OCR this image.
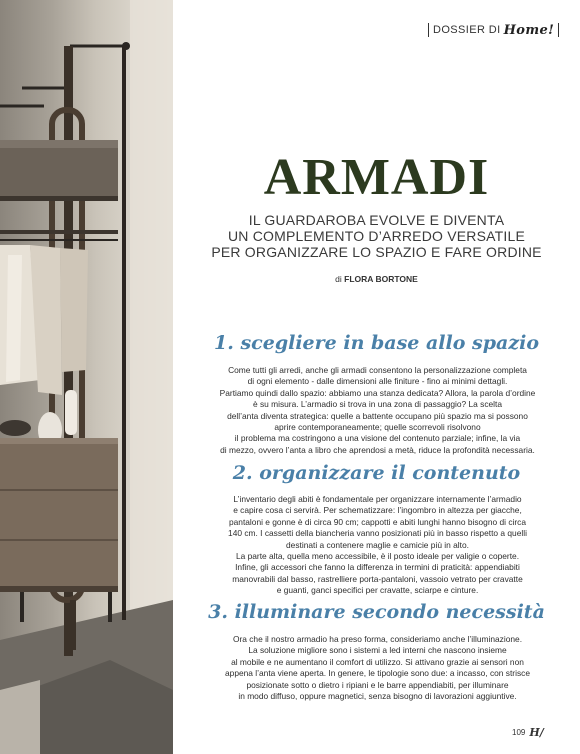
DOSSIER DI Home!
ARMADI
IL GUARDAROBA EVOLVE E DIVENTA
UN COMPLEMENTO D’ARREDO VERSATILE
PER ORGANIZZARE LO SPAZIO E FARE ORDINE
di FLORA BORTONE
1. scegliere in base allo spazio
Come tutti gli arredi, anche gli armadi consentono la personalizzazione completa
di ogni elemento - dalle dimensioni alle finiture - fino ai minimi dettagli.
Partiamo quindi dallo spazio: abbiamo una stanza dedicata? Allora, la parola d’ordine
è su misura. L’armadio si trova in una zona di passaggio? La scelta
dell’anta diventa strategica: quelle a battente occupano più spazio ma si possono
aprire contemporaneamente; quelle scorrevoli risolvono
il problema ma costringono a una visione del contenuto parziale; infine, la via
di mezzo, ovvero l’anta a libro che aprendosi a metà, riduce la profondità necessaria.
2. organizzare il contenuto
L’inventario degli abiti è fondamentale per organizzare internamente l’armadio
e capire cosa ci servirà. Per schematizzare: l’ingombro in altezza per giacche,
pantaloni e gonne è di circa 90 cm; cappotti e abiti lunghi hanno bisogno di circa
140 cm. I cassetti della biancheria vanno posizionati più in basso rispetto a quelli
destinati a contenere maglie e camicie più in alto.
La parte alta, quella meno accessibile, è il posto ideale per valigie o coperte.
Infine, gli accessori che fanno la differenza in termini di praticità: appendiabiti
manovrabili dal basso, rastrelliere porta-pantaloni, vassoio vetrato per cravatte
e guanti, ganci specifici per cravatte, sciarpe e cinture.
3. illuminare secondo necessità
Ora che il nostro armadio ha preso forma, consideriamo anche l’illuminazione.
La soluzione migliore sono i sistemi a led interni che nascono insieme
al mobile e ne aumentano il comfort di utilizzo. Si attivano grazie ai sensori non
appena l’anta viene aperta. In genere, le tipologie sono due: a incasso, con strisce
posizionate sotto o dietro i ripiani e le barre appendiabiti, per illuminare
in modo diffuso, oppure magnetici, senza bisogno di lavorazioni aggiuntive.
109 H/
